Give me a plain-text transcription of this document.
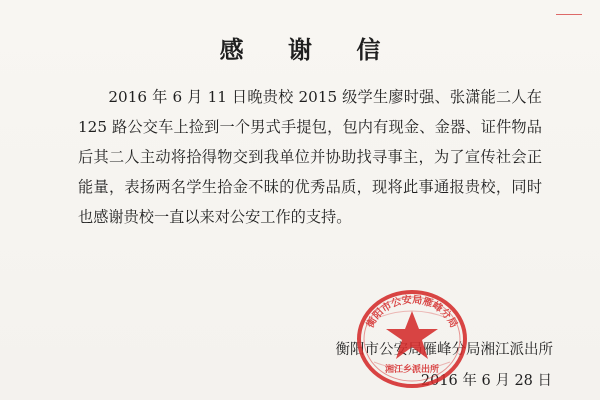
感 谢 信

2016 年 6 月 11 日晚贵校 2015 级学生廖时强、张潇能二人在 125 路公交车上捡到一个男式手提包，包内有现金、金器、证件物品后其二人主动将拾得物交到我单位并协助找寻事主，为了宣传社会正能量，表扬两名学生拾金不昧的优秀品质，现将此事通报贵校，同时也感谢贵校一直以来对公安工作的支持。

衡阳市公安局雁峰分局湘江派出所
2016 年 6 月 28 日
衡阳市公安局雁峰分局
湘江乡派出所
